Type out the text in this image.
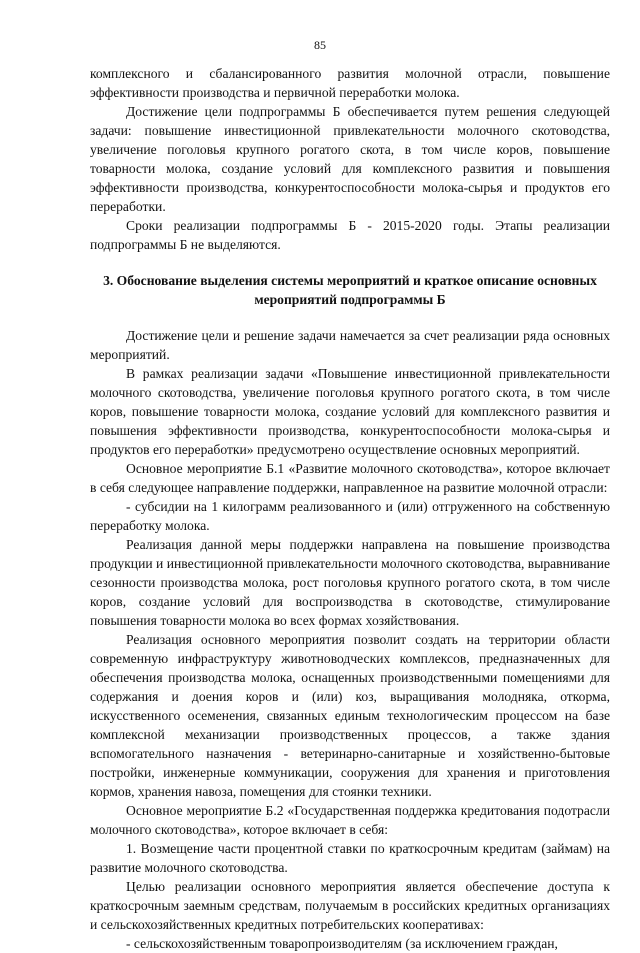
85

комплексного и сбалансированного развития молочной отрасли, повышение эффективности производства и первичной переработки молока.

Достижение цели подпрограммы Б обеспечивается путем решения следующей задачи: повышение инвестиционной привлекательности молочного скотоводства, увеличение поголовья крупного рогатого скота, в том числе коров, повышение товарности молока, создание условий для комплексного развития и повышения эффективности производства, конкурентоспособности молока-сырья и продуктов его переработки.

Сроки реализации подпрограммы Б - 2015-2020 годы. Этапы реализации подпрограммы Б не выделяются.

3. Обоснование выделения системы мероприятий и краткое описание основных мероприятий подпрограммы Б

Достижение цели и решение задачи намечается за счет реализации ряда основных мероприятий.

В рамках реализации задачи «Повышение инвестиционной привлекательности молочного скотоводства, увеличение поголовья крупного рогатого скота, в том числе коров, повышение товарности молока, создание условий для комплексного развития и повышения эффективности производства, конкурентоспособности молока-сырья и продуктов его переработки» предусмотрено осуществление основных мероприятий.

Основное мероприятие Б.1 «Развитие молочного скотоводства», которое включает в себя следующее направление поддержки, направленное на развитие молочной отрасли:

- субсидии на 1 килограмм реализованного и (или) отгруженного на собственную переработку молока.

Реализация данной меры поддержки направлена на повышение производства продукции и инвестиционной привлекательности молочного скотоводства, выравнивание сезонности производства молока, рост поголовья крупного рогатого скота, в том числе коров, создание условий для воспроизводства в скотоводстве, стимулирование повышения товарности молока во всех формах хозяйствования.

Реализация основного мероприятия позволит создать на территории области современную инфраструктуру животноводческих комплексов, предназначенных для обеспечения производства молока, оснащенных производственными помещениями для содержания и доения коров и (или) коз, выращивания молодняка, откорма, искусственного осеменения, связанных единым технологическим процессом на базе комплексной механизации производственных процессов, а также здания вспомогательного назначения - ветеринарно-санитарные и хозяйственно-бытовые постройки, инженерные коммуникации, сооружения для хранения и приготовления кормов, хранения навоза, помещения для стоянки техники.

Основное мероприятие Б.2 «Государственная поддержка кредитования подотрасли молочного скотоводства», которое включает в себя:

1. Возмещение части процентной ставки по краткосрочным кредитам (займам) на развитие молочного скотоводства.

Целью реализации основного мероприятия является обеспечение доступа к краткосрочным заемным средствам, получаемым в российских кредитных организациях и сельскохозяйственных кредитных потребительских кооперативах:

- сельскохозяйственным товаропроизводителям (за исключением граждан,
